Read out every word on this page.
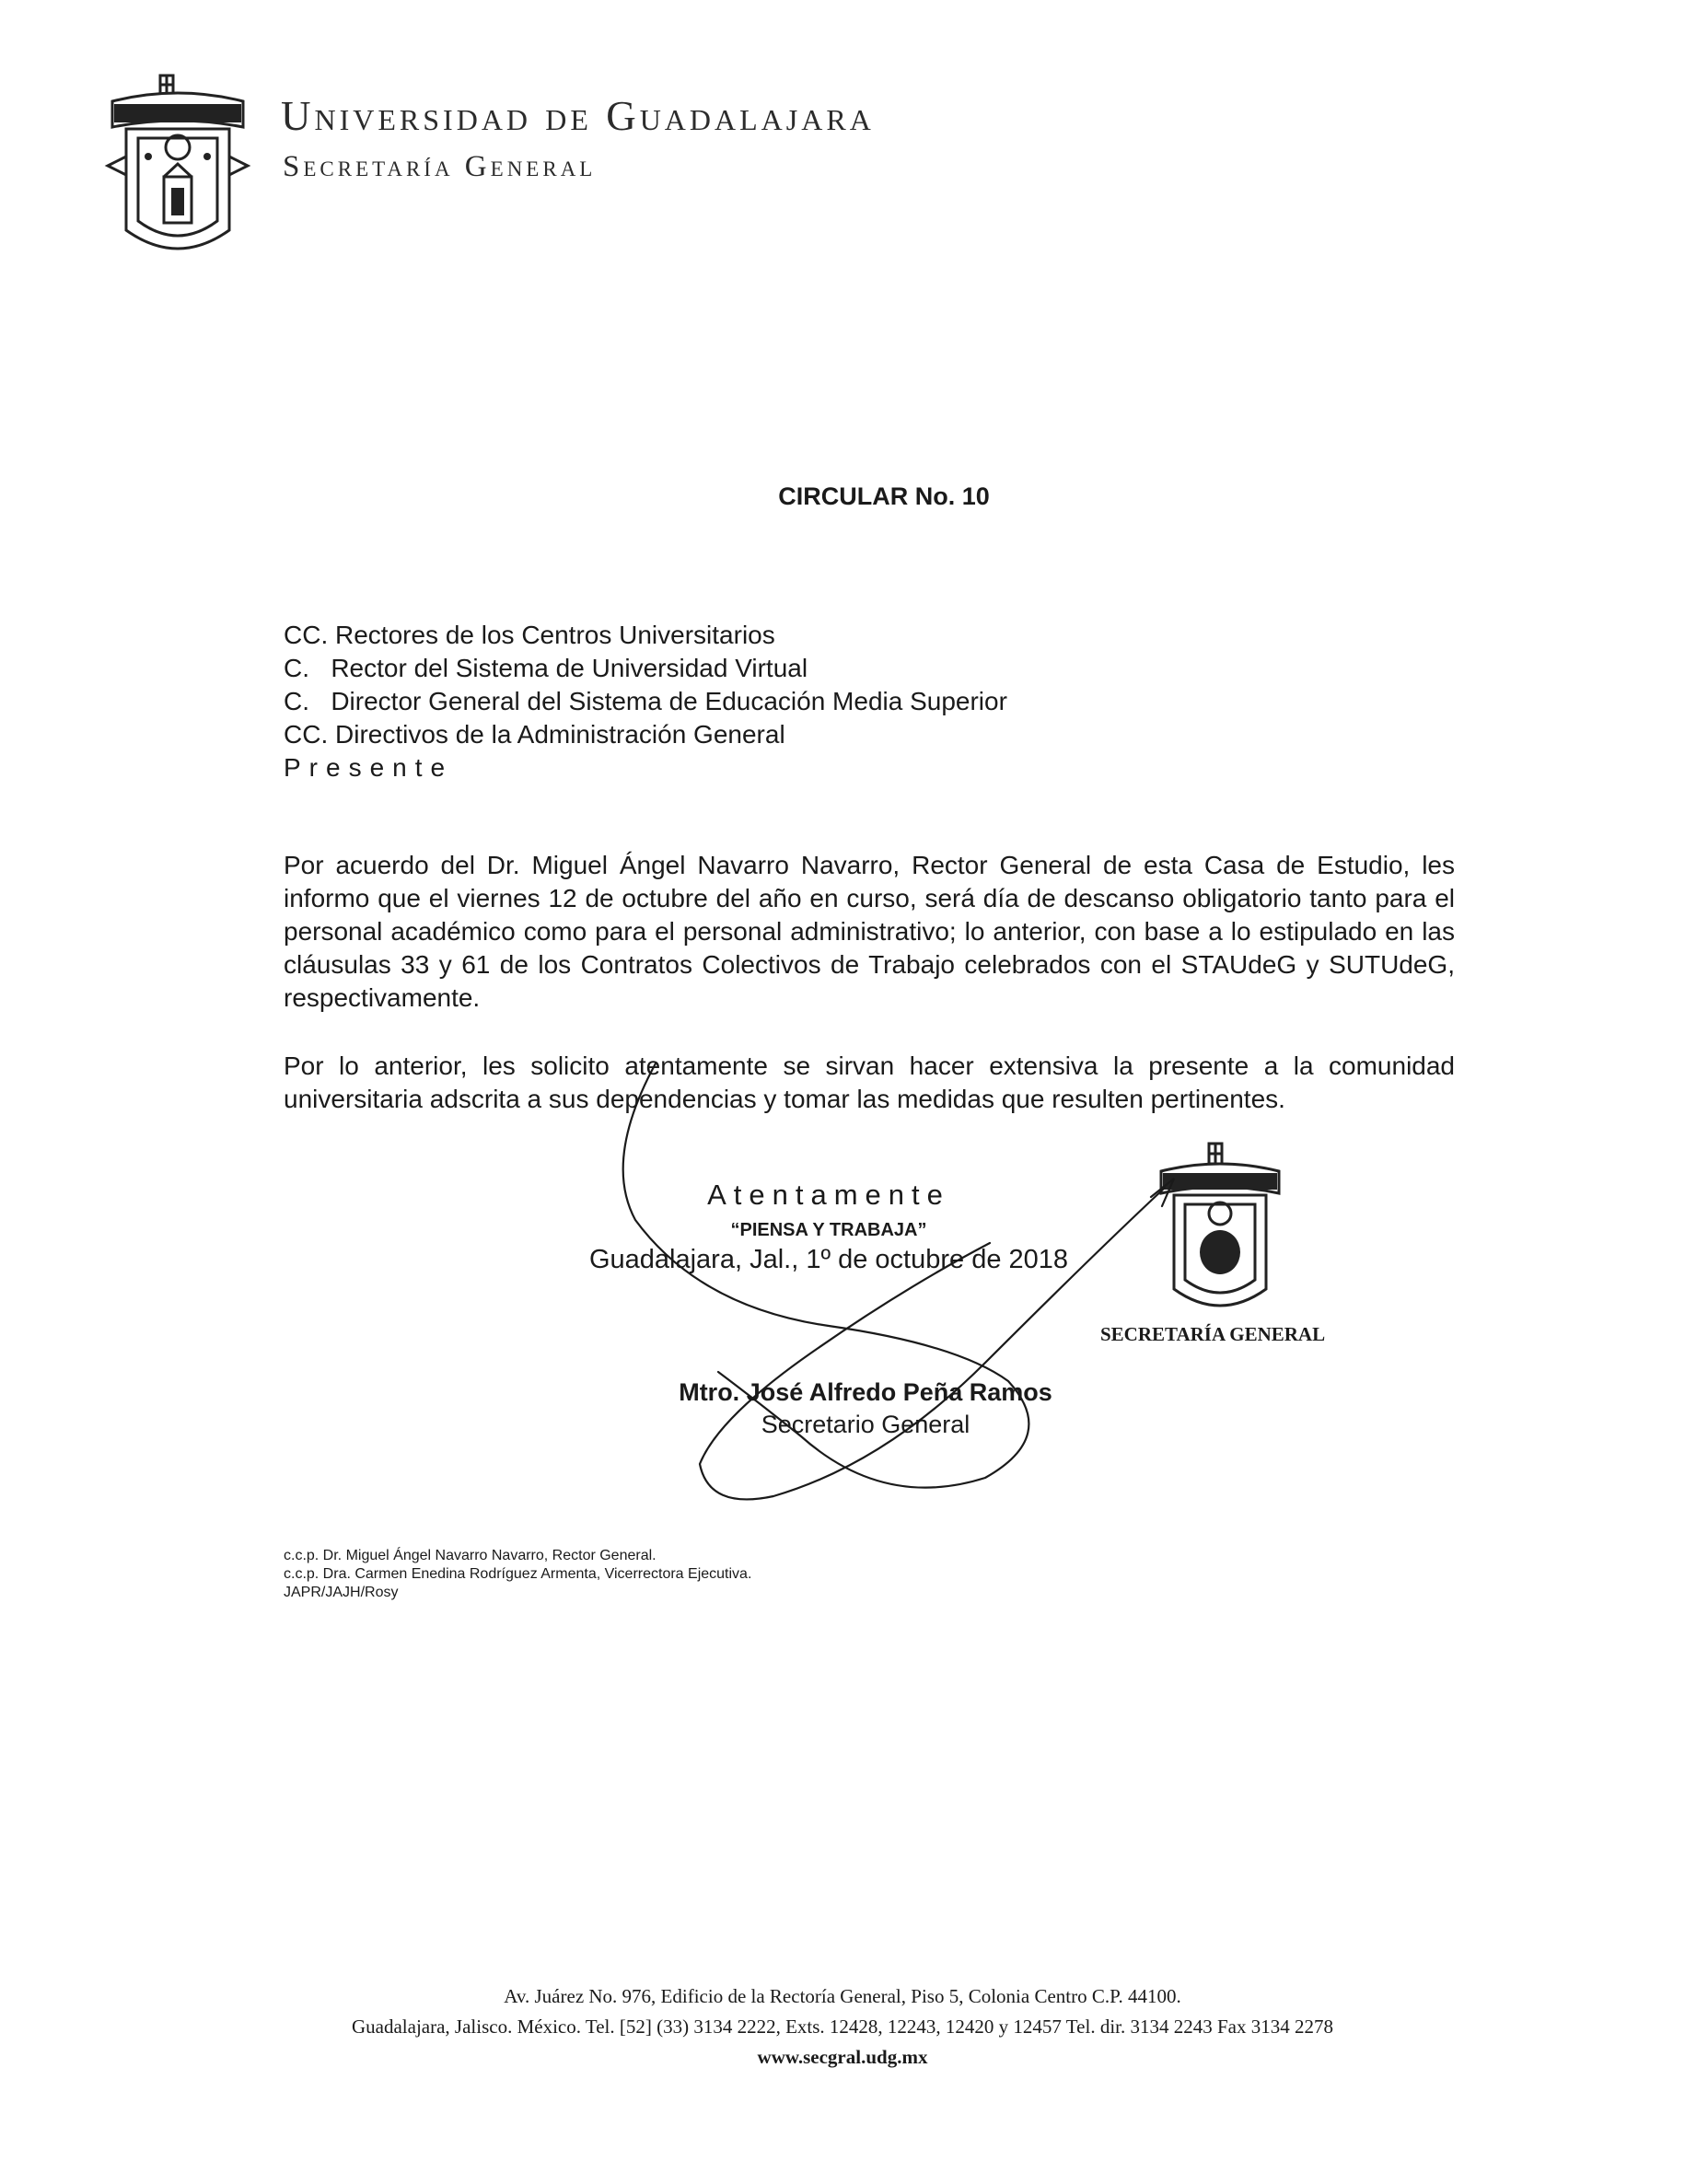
Universidad de Guadalajara
Secretaría General
CIRCULAR No. 10
CC. Rectores de los Centros Universitarios
C.   Rector del Sistema de Universidad Virtual
C.   Director General del Sistema de Educación Media Superior
CC. Directivos de la Administración General
Presente
Por acuerdo del Dr. Miguel Ángel Navarro Navarro, Rector General de esta Casa de Estudio, les informo que el viernes 12 de octubre del año en curso, será día de descanso obligatorio tanto para el personal académico como para el personal administrativo; lo anterior, con base a lo estipulado en las cláusulas 33 y 61 de los Contratos Colectivos de Trabajo celebrados con el STAUdeG y SUTUdeG, respectivamente.
Por lo anterior, les solicito atentamente se sirvan hacer extensiva la presente a la comunidad universitaria adscrita a sus dependencias y tomar las medidas que resulten pertinentes.
Atentamente
“PIENSA Y TRABAJA”
Guadalajara, Jal., 1º de octubre de 2018
SECRETARÍA GENERAL
Mtro. José Alfredo Peña Ramos
Secretario General
c.c.p. Dr. Miguel Ángel Navarro Navarro, Rector General.
c.c.p. Dra. Carmen Enedina Rodríguez Armenta, Vicerrectora Ejecutiva.
JAPR/JAJH/Rosy
Av. Juárez No. 976, Edificio de la Rectoría General, Piso 5, Colonia Centro C.P. 44100.
Guadalajara, Jalisco. México. Tel. [52] (33) 3134 2222, Exts. 12428, 12243, 12420 y 12457 Tel. dir. 3134 2243 Fax 3134 2278
www.secgral.udg.mx
